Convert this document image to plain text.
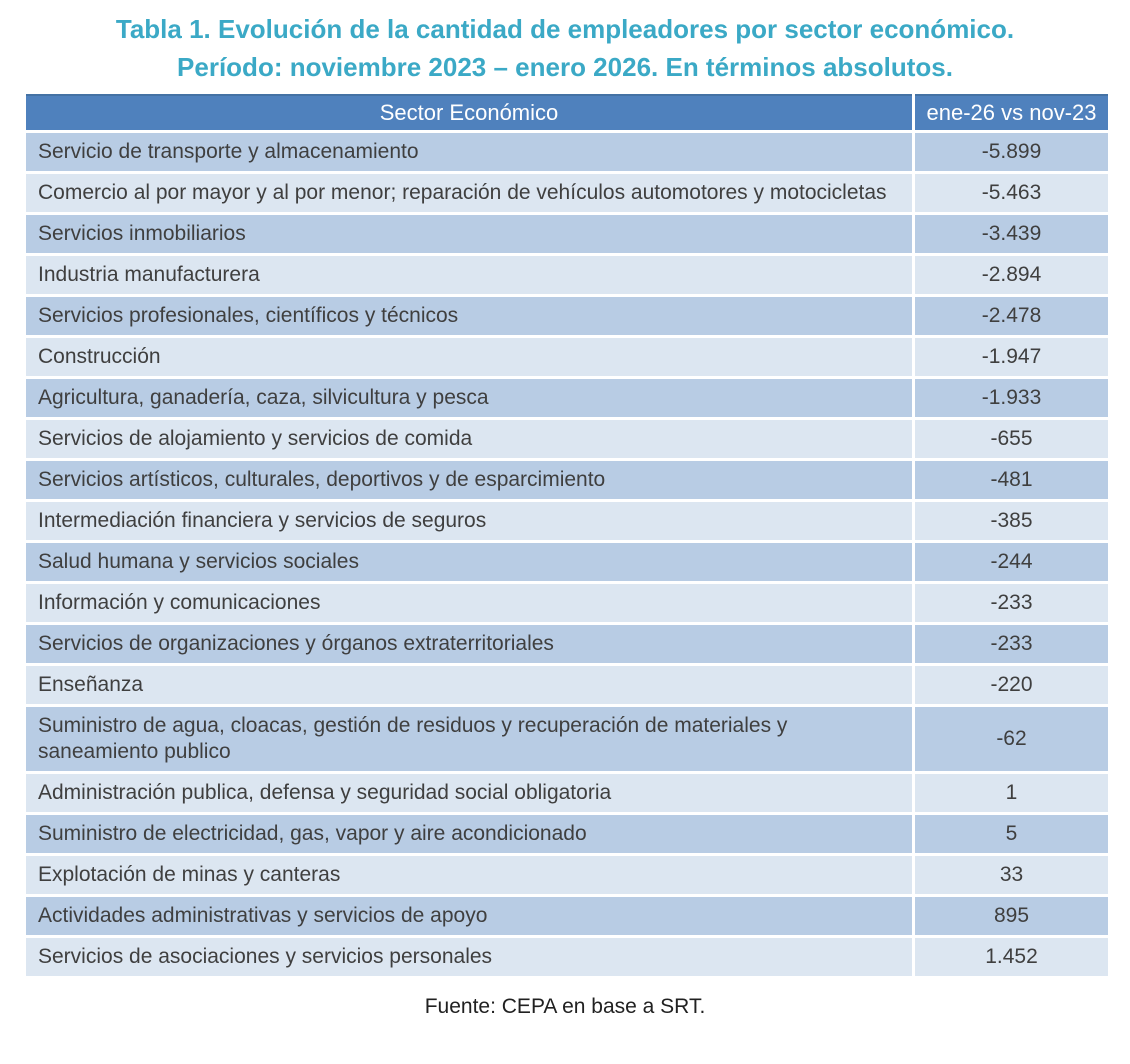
Tabla 1. Evolución de la cantidad de empleadores por sector económico.
Período: noviembre 2023 – enero 2026. En términos absolutos.
Sector Económico	ene-26 vs nov-23
Servicio de transporte y almacenamiento	-5.899
Comercio al por mayor y al por menor; reparación de vehículos automotores y motocicletas	-5.463
Servicios inmobiliarios	-3.439
Industria manufacturera	-2.894
Servicios profesionales, científicos y técnicos	-2.478
Construcción	-1.947
Agricultura, ganadería, caza, silvicultura y pesca	-1.933
Servicios de alojamiento y servicios de comida	-655
Servicios artísticos, culturales, deportivos y de esparcimiento	-481
Intermediación financiera y servicios de seguros	-385
Salud humana y servicios sociales	-244
Información y comunicaciones	-233
Servicios de organizaciones y órganos extraterritoriales	-233
Enseñanza	-220
Suministro de agua, cloacas, gestión de residuos y recuperación de materiales y saneamiento publico	-62
Administración publica, defensa y seguridad social obligatoria	1
Suministro de electricidad, gas, vapor y aire acondicionado	5
Explotación de minas y canteras	33
Actividades administrativas y servicios de apoyo	895
Servicios de asociaciones y servicios personales	1.452
Fuente: CEPA en base a SRT.
